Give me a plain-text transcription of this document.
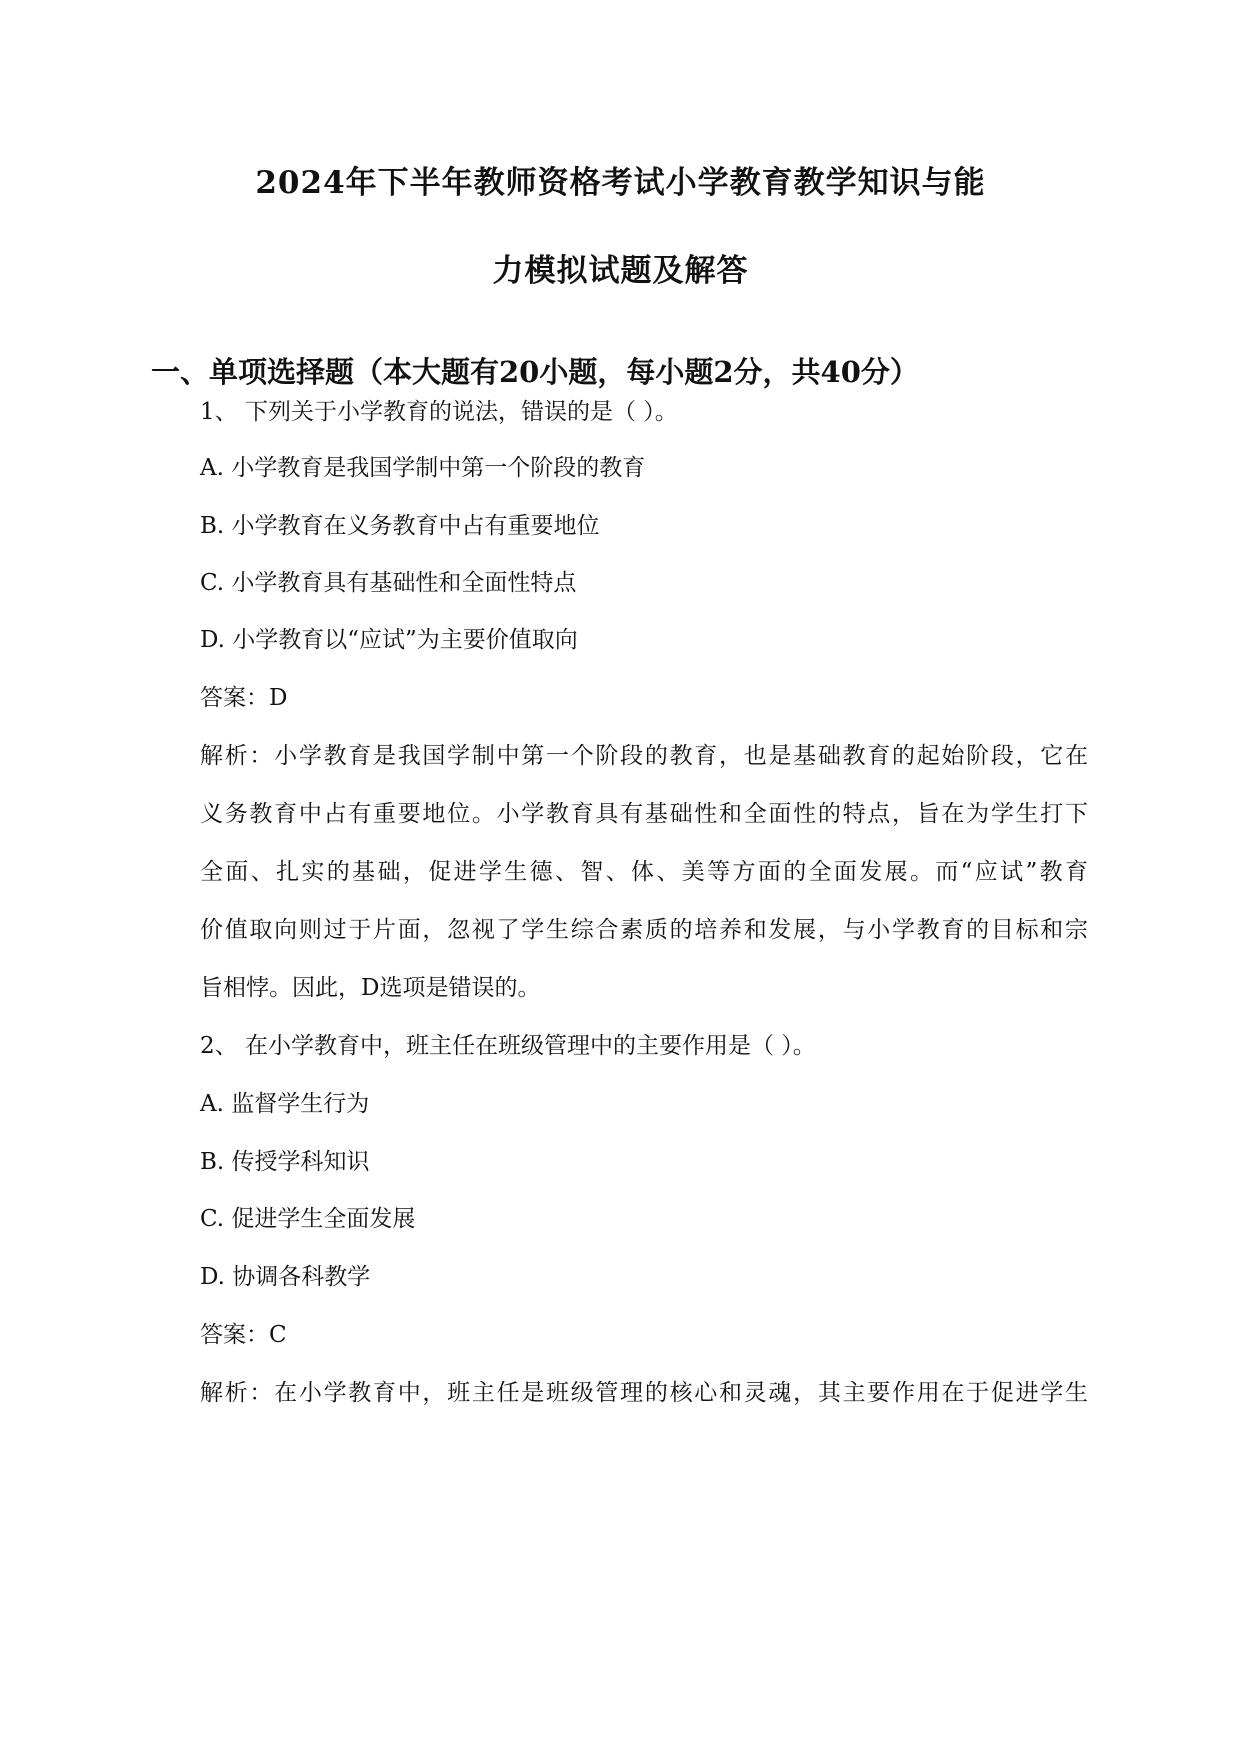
2024年下半年教师资格考试小学教育教学知识与能
力模拟试题及解答
一、单项选择题（本大题有20小题，每小题2分，共40分）
1、 下列关于小学教育的说法，错误的是（ ）。
A. 小学教育是我国学制中第一个阶段的教育
B. 小学教育在义务教育中占有重要地位
C. 小学教育具有基础性和全面性特点
D. 小学教育以“应试”为主要价值取向
答案：D
解析：小学教育是我国学制中第一个阶段的教育，也是基础教育的起始阶段，它在
义务教育中占有重要地位。小学教育具有基础性和全面性的特点，旨在为学生打下
全面、扎实的基础，促进学生德、智、体、美等方面的全面发展。而“应试”教育
价值取向则过于片面，忽视了学生综合素质的培养和发展，与小学教育的目标和宗
旨相悖。因此，D选项是错误的。
2、 在小学教育中，班主任在班级管理中的主要作用是（ ）。
A. 监督学生行为
B. 传授学科知识
C. 促进学生全面发展
D. 协调各科教学
答案：C
解析：在小学教育中，班主任是班级管理的核心和灵魂，其主要作用在于促进学生
